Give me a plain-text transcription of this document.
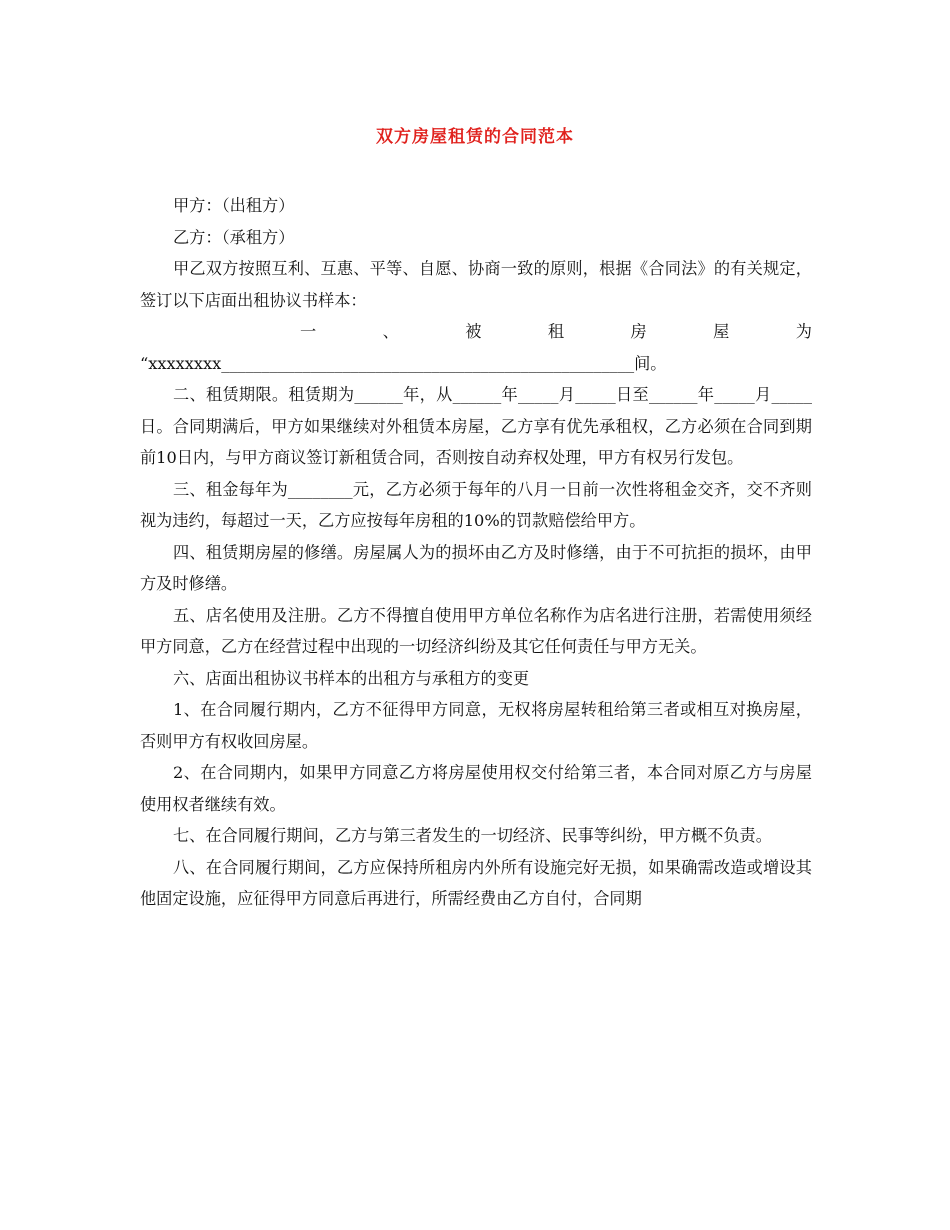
双方房屋租赁的合同范本

甲方：（出租方）

乙方：（承租方）

甲乙双方按照互利、互惠、平等、自愿、协商一致的原则，根据《合同法》的有关规定，签订以下店面出租协议书样本：

一	、	被	租	房	屋	为

“xxxxxxxx___________________________________________________间。

二、租赁期限。租赁期为______年，从______年_____月_____日至______年_____月_____日。合同期满后，甲方如果继续对外租赁本房屋，乙方享有优先承租权，乙方必须在合同到期前10日内，与甲方商议签订新租赁合同，否则按自动弃权处理，甲方有权另行发包。

三、租金每年为________元，乙方必须于每年的八月一日前一次性将租金交齐，交不齐则视为违约，每超过一天，乙方应按每年房租的10%的罚款赔偿给甲方。

四、租赁期房屋的修缮。房屋属人为的损坏由乙方及时修缮，由于不可抗拒的损坏，由甲方及时修缮。

五、店名使用及注册。乙方不得擅自使用甲方单位名称作为店名进行注册，若需使用须经甲方同意，乙方在经营过程中出现的一切经济纠纷及其它任何责任与甲方无关。

六、店面出租协议书样本的出租方与承租方的变更

1、在合同履行期内，乙方不征得甲方同意，无权将房屋转租给第三者或相互对换房屋，否则甲方有权收回房屋。

2、在合同期内，如果甲方同意乙方将房屋使用权交付给第三者，本合同对原乙方与房屋使用权者继续有效。

七、在合同履行期间，乙方与第三者发生的一切经济、民事等纠纷，甲方概不负责。

八、在合同履行期间，乙方应保持所租房内外所有设施完好无损，如果确需改造或增设其他固定设施，应征得甲方同意后再进行，所需经费由乙方自付，合同期
